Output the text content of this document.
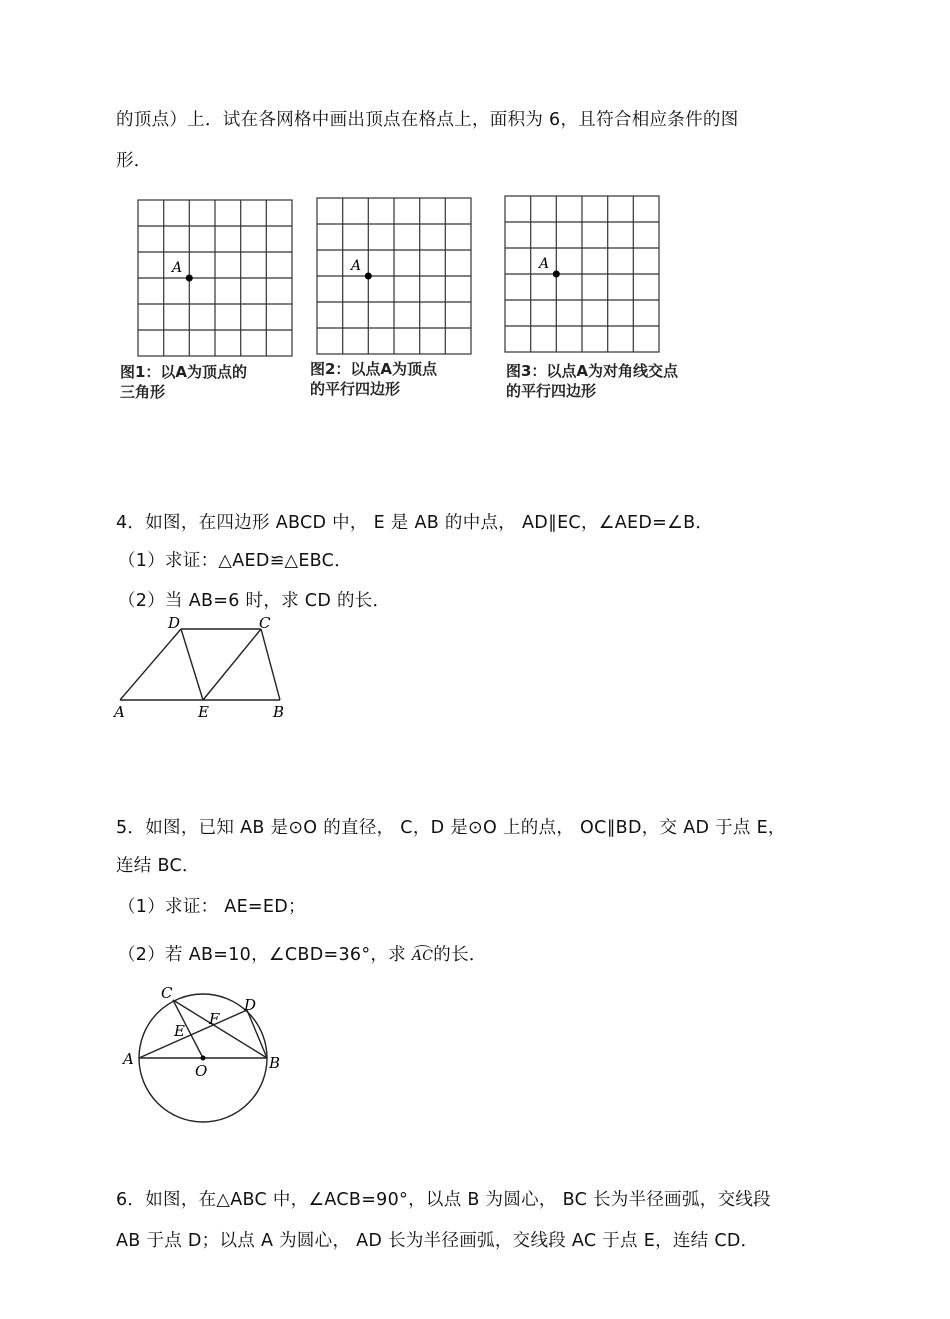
的顶点）上．试在各网格中画出顶点在格点上，面积为 6，且符合相应条件的图
形．
A
图1：以A为顶点的
三角形
A
图2：以点A为顶点
的平行四边形
A
图3：以点A为对角线交点
的平行四边形
4．如图，在四边形 ABCD 中， E 是 AB 的中点， AD∥EC，∠AED=∠B．
（1）求证：△AED≌△EBC．
（2）当 AB=6 时，求 CD 的长．
A	E	B
D	C
5．如图，已知 AB 是⊙O 的直径， C，D 是⊙O 上的点， OC∥BD，交 AD 于点 E，
连结 BC．
（1）求证： AE=ED；
（2）若 AB=10，∠CBD=36°，求 AC的长．
A	B
C
D
E
F
O
6．如图，在△ABC 中，∠ACB=90°，以点 B 为圆心， BC 长为半径画弧，交线段
AB 于点 D；以点 A 为圆心， AD 长为半径画弧，交线段 AC 于点 E，连结 CD．
